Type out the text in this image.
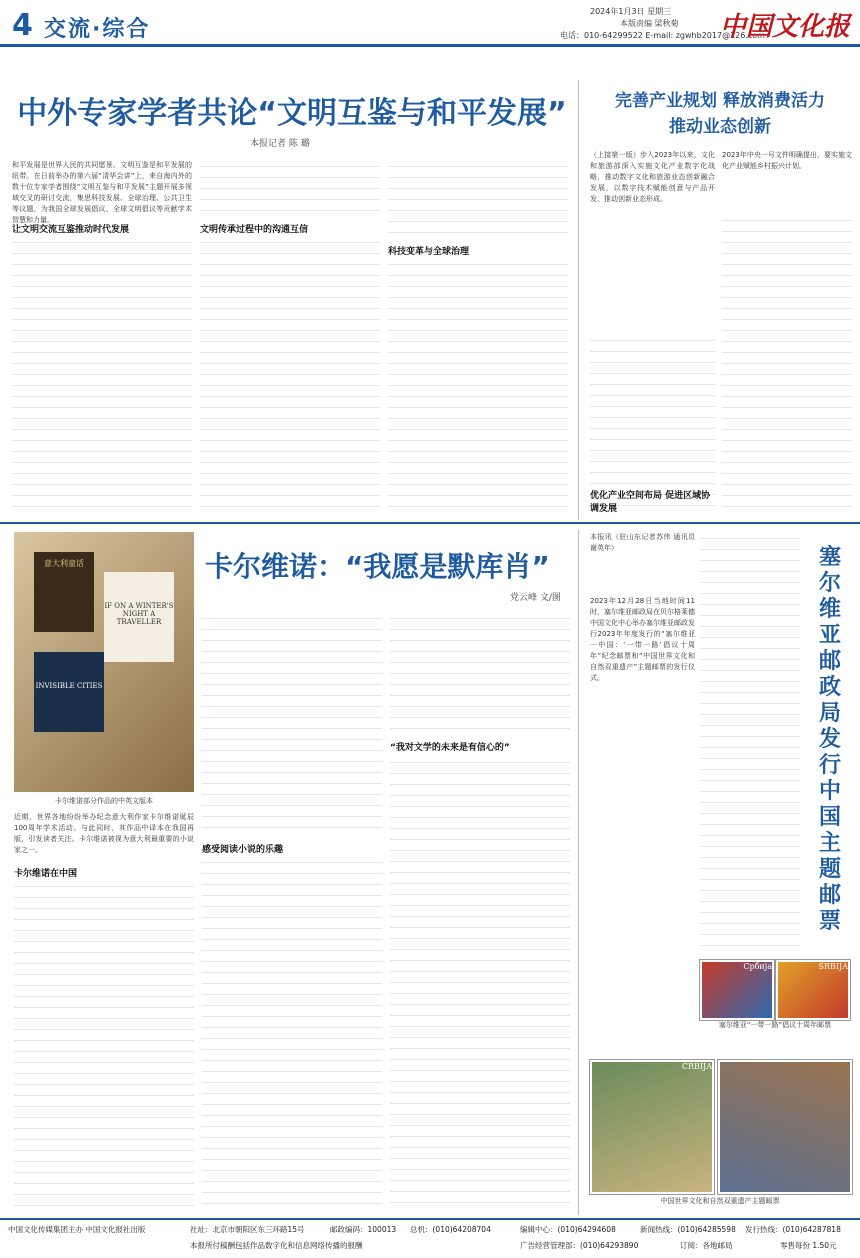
4 交流·综合
2024年1月3日 星期三
本版责编 梁秋菊
电话：010-64299522 E-mail: zgwhb2017@126.com
中国文化报
中外专家学者共论“文明互鉴与和平发展”
本报记者 陈 璐
和平发展是世界人民的共同愿景。文明互鉴是和平发展的纽带。在日前举办的第六届“清华会讲”上，来自海内外的数十位专家学者围绕“文明互鉴与和平发展”主题开展多视域交叉的研讨交流，集思科技发展、全球治理、公共卫生等议题，为我国全球发展倡议、全球文明倡议等贡献学术智慧和力量。
让文明交流互鉴推动时代发展	文明传承过程中的沟通互信
科技变革与全球治理
完善产业规划 释放消费活力
推动业态创新
（上接第一版）步入2023年以来，文化和旅游部深入实施文化产业数字化战略，推动数字文化和旅游业态创新融合发展，以数字技术赋能创意与产品开发，推动创新业态形成。
2023年中央一号文件明确提出，要实施文化产业赋能乡村振兴计划。
优化产业空间布局 促进区域协调发展
意大利童话
IF ON A WINTER'S NIGHT A TRAVELLER
INVISIBLE CITIES
卡尔维诺部分作品的中英文版本
卡尔维诺：“我愿是默库肖”
党云峰 文/图
近期，世界各地纷纷举办纪念意大利作家卡尔维诺诞辰100周年学术活动。与此同时，其作品中译本在我国再版，引发读者关注。卡尔维诺被视为意大利最重要的小说家之一。
卡尔维诺在中国
感受阅读小说的乐趣
“我对文学的未来是有信心的”
塞尔维亚邮政局发行中国主题邮票
本报讯（驻山东记者苏伟 通讯员谢英年）
2023年12月28日当地时间11时，塞尔维亚邮政局在贝尔格莱德中国文化中心举办塞尔维亚邮政发行2023年年度发行的“塞尔维亚一中国：‘一带一路’倡议十周年”纪念邮票和“中国世界文化和自然双重遗产”主题邮票的发行仪式。
Србија	SRBIJA
塞尔维亚“一带一路”倡议十周年邮票
ČRBIJA
中国世界文化和自然双重遗产主题邮票
中国文化传媒集团主办 中国文化报社出版	社址：北京市朝阳区东三环路15号	邮政编码：100013 总机：(010)64208704	编辑中心：(010)64294608	新闻热线：(010)64285598	发行热线：(010)64287818
本报所付稿酬包括作品数字化和信息网络传播的报酬	广告经营管理部：(010)64293890	订阅：各地邮局	零售每份 1.50元
